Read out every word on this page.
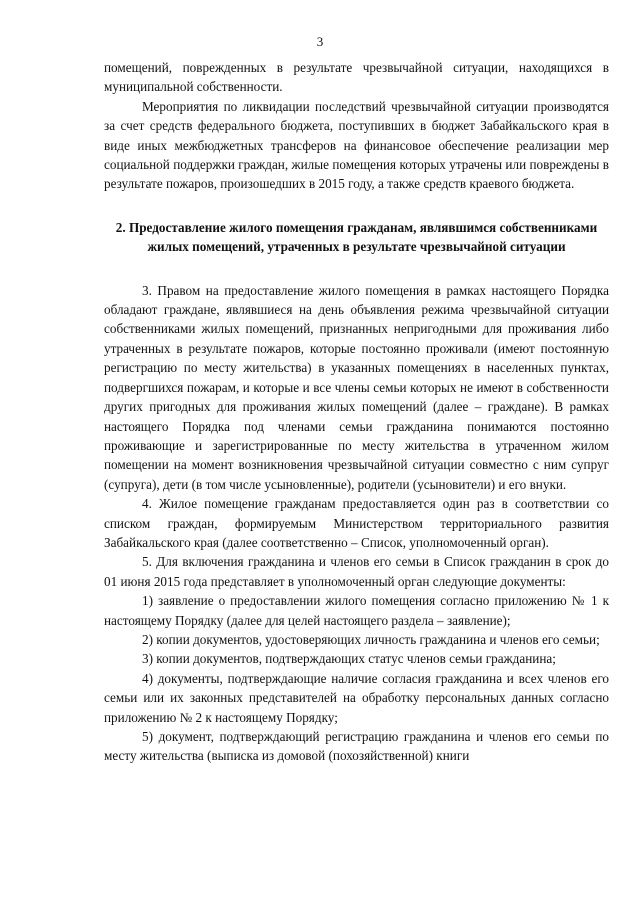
3

помещений, поврежденных в результате чрезвычайной ситуации, находящихся в муниципальной собственности.

Мероприятия по ликвидации последствий чрезвычайной ситуации производятся за счет средств федерального бюджета, поступивших в бюджет Забайкальского края в виде иных межбюджетных трансферов на финансовое обеспечение реализации мер социальной поддержки граждан, жилые помещения которых утрачены или повреждены в результате пожаров, произошедших в 2015 году, а также средств краевого бюджета.

2. Предоставление жилого помещения гражданам, являвшимся собственниками жилых помещений, утраченных в результате чрезвычайной ситуации

3. Правом на предоставление жилого помещения в рамках настоящего Порядка обладают граждане, являвшиеся на день объявления режима чрезвычайной ситуации собственниками жилых помещений, признанных непригодными для проживания либо утраченных в результате пожаров, которые постоянно проживали (имеют постоянную регистрацию по месту жительства) в указанных помещениях в населенных пунктах, подвергшихся пожарам, и которые и все члены семьи которых не имеют в собственности других пригодных для проживания жилых помещений (далее – граждане). В рамках настоящего Порядка под членами семьи гражданина понимаются постоянно проживающие и зарегистрированные по месту жительства в утраченном жилом помещении на момент возникновения чрезвычайной ситуации совместно с ним супруг (супруга), дети (в том числе усыновленные), родители (усыновители) и его внуки.

4. Жилое помещение гражданам предоставляется один раз в соответствии со списком граждан, формируемым Министерством территориального развития Забайкальского края (далее соответственно – Список, уполномоченный орган).

5. Для включения гражданина и членов его семьи в Список гражданин в срок до 01 июня 2015 года представляет в уполномоченный орган следующие документы:

1) заявление о предоставлении жилого помещения согласно приложению № 1 к настоящему Порядку (далее для целей настоящего раздела – заявление);

2) копии документов, удостоверяющих личность гражданина и членов его семьи;

3) копии документов, подтверждающих статус членов семьи гражданина;

4) документы, подтверждающие наличие согласия гражданина и всех членов его семьи или их законных представителей на обработку персональных данных согласно приложению № 2 к настоящему Порядку;

5) документ, подтверждающий регистрацию гражданина и членов его семьи по месту жительства (выписка из домовой (похозяйственной) книги
